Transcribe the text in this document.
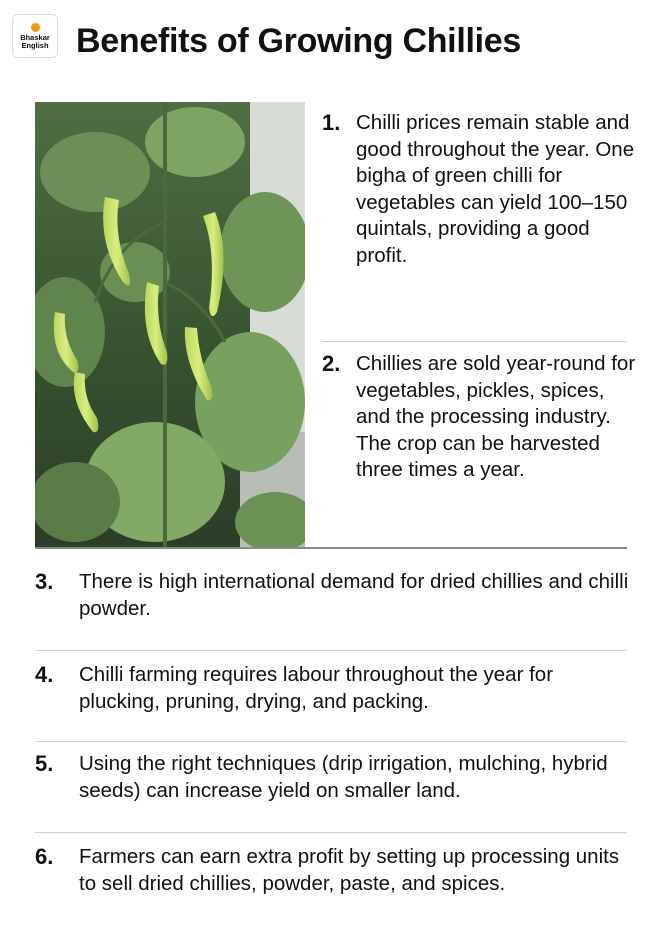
Bhaskar
English Benefits of Growing Chillies
1. Chilli prices remain stable and good throughout the year. One bigha of green chilli for vegetables can yield 100–150 quintals, providing a good profit.
2. Chillies are sold year-round for vegetables, pickles, spices, and the processing industry. The crop can be harvested three times a year.
3.	There is high international demand for dried chillies and chilli powder.
4.	Chilli farming requires labour throughout the year for plucking, pruning, drying, and packing.
5.	Using the right techniques (drip irrigation, mulching, hybrid seeds) can increase yield on smaller land.
6.	Farmers can earn extra profit by setting up processing units to sell dried chillies, powder, paste, and spices.
